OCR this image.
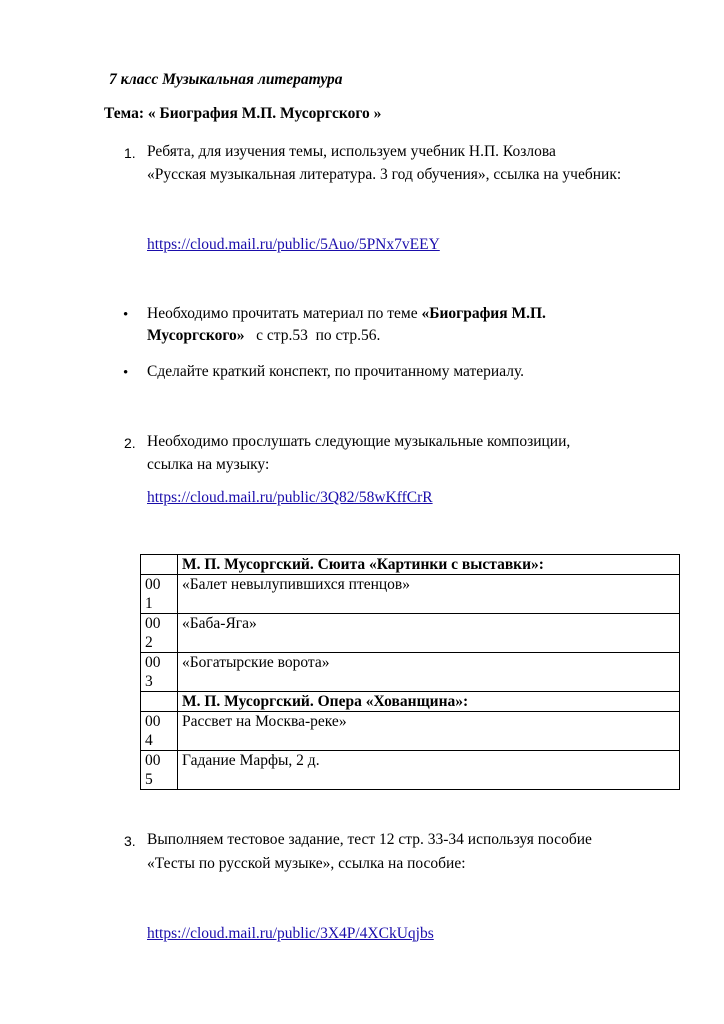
7 класс Музыкальная литература
Тема: « Биография М.П. Мусоргского »
1. Ребята, для изучения темы, используем учебник Н.П. Козлова
«Русская музыкальная литература. 3 год обучения», ссылка на учебник:
https://cloud.mail.ru/public/5Auo/5PNx7vEEY
• Необходимо прочитать материал по теме «Биография М.П.
Мусоргского»   с стр.53  по стр.56.
• Сделайте краткий конспект, по прочитанному материалу.
2. Необходимо прослушать следующие музыкальные композиции,
ссылка на музыку:
https://cloud.mail.ru/public/3Q82/58wKffCrR
	М. П. Мусоргский. Сюита «Картинки с выставки»:
00
1	«Балет невылупившихся птенцов»
00
2	«Баба-Яга»
00
3	«Богатырские ворота»
	М. П. Мусоргский. Опера «Хованщина»:
00
4	Рассвет на Москва-реке»
00
5	Гадание Марфы, 2 д.
3. Выполняем тестовое задание, тест 12 стр. 33-34 используя пособие
«Тесты по русской музыке», ссылка на пособие:
https://cloud.mail.ru/public/3X4P/4XCkUqjbs
